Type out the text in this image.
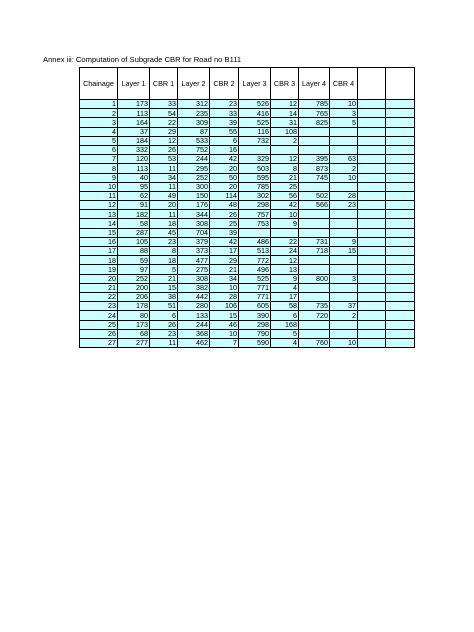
Annex iii: Computation of Subgrade CBR for Road no B111
Chainage	Layer 1	CBR 1	Layer 2	CBR 2	Layer 3	CBR 3	Layer 4	CBR 4		
1	173	33	312	23	526	12	785	10		
2	113	54	235	33	416	14	765	3		
3	164	22	309	39	525	31	825	5		
4	37	29	87	55	116	108				
5	184	12	533	6	732	2				
6	332	26	752	16						
7	120	53	244	42	329	12	395	63		
8	113	11	295	20	503	8	873	2		
9	40	34	252	50	595	21	745	10		
10	95	11	300	20	785	25				
11	62	49	150	114	302	56	502	28		
12	91	20	176	48	298	42	566	23		
13	182	11	344	26	757	10				
14	58	18	308	25	753	9				
15	287	45	704	39						
16	105	23	379	42	486	22	731	9		
17	88	8	373	17	513	24	718	15		
18	59	18	477	29	772	12				
19	97	5	275	21	496	13				
20	252	21	308	34	525	9	800	3		
21	200	15	382	10	771	4				
22	206	38	442	28	771	17				
23	178	51	280	106	605	58	735	37		
24	80	6	133	15	390	6	720	2		
25	173	26	244	46	298	168				
26	68	23	368	10	790	5				
27	277	11	462	7	590	4	760	10		
